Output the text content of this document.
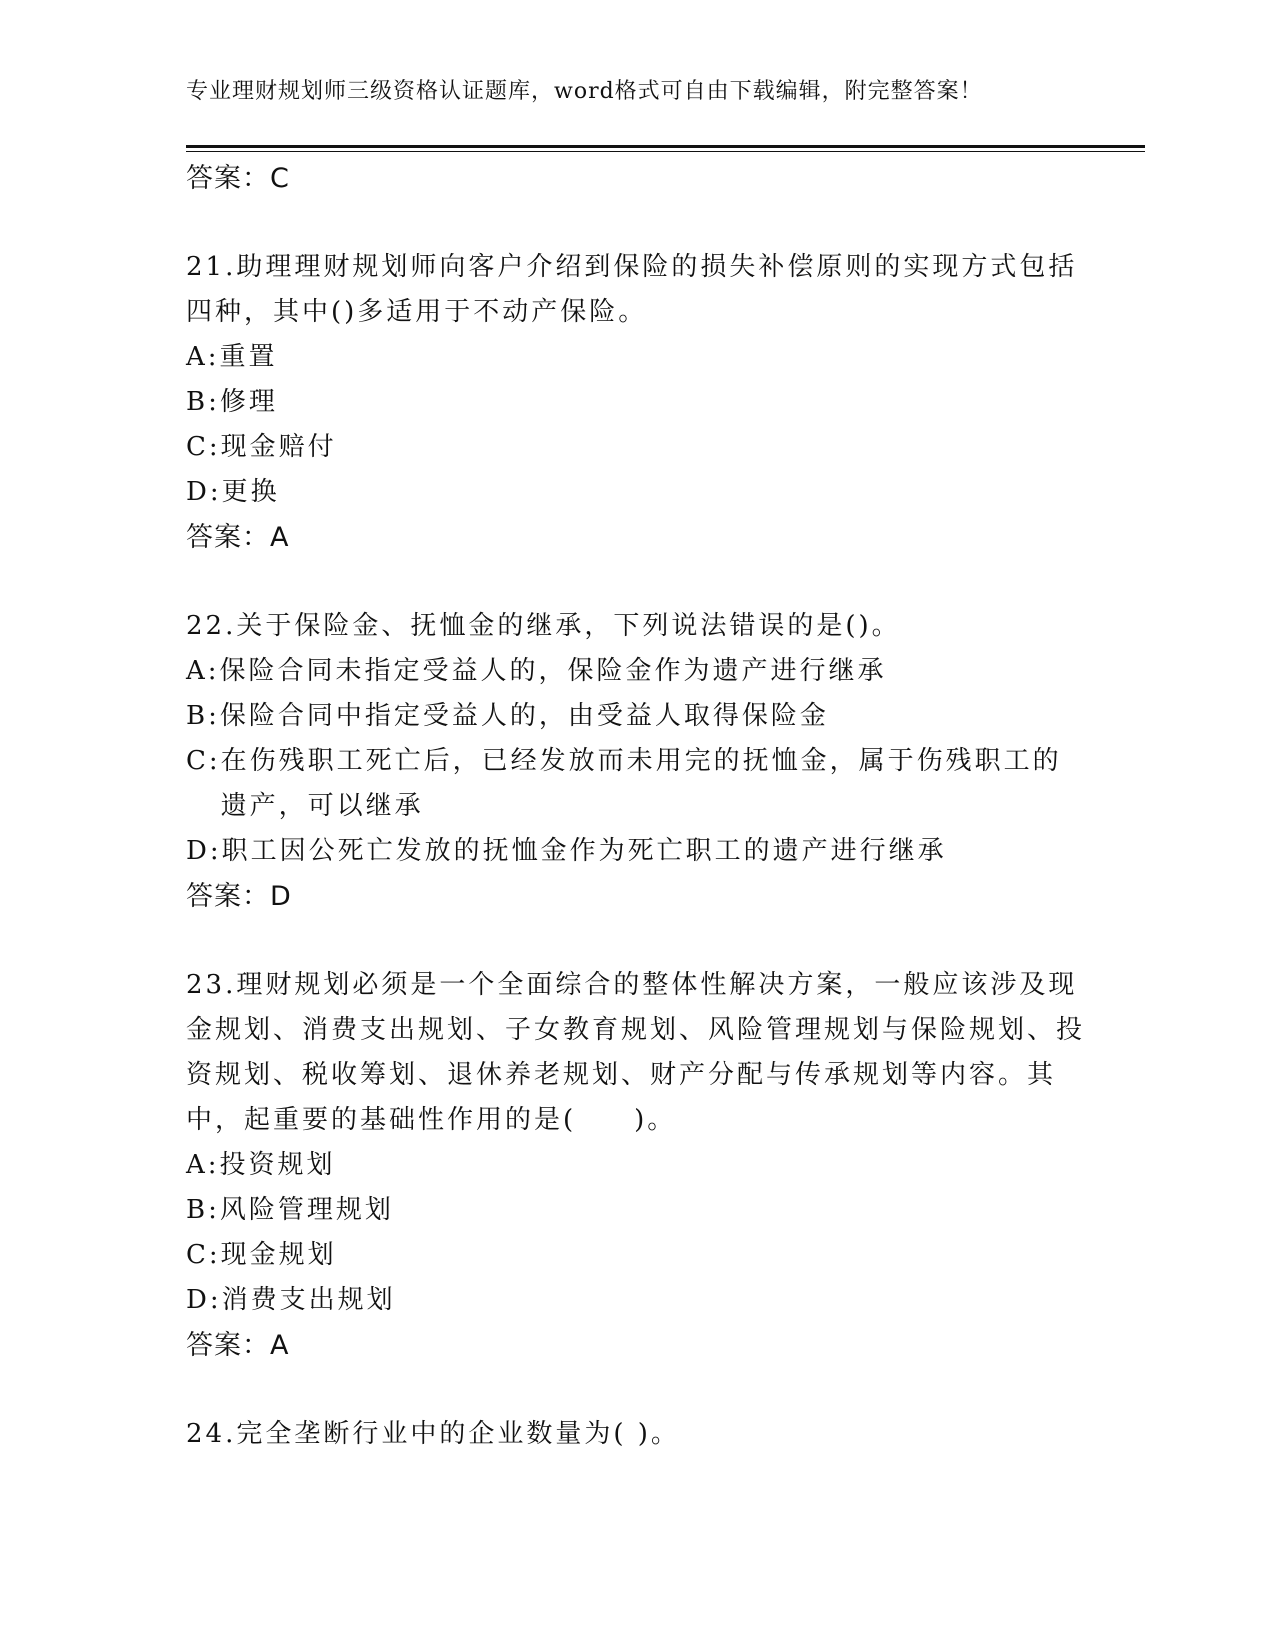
专业理财规划师三级资格认证题库，word格式可自由下载编辑，附完整答案！
答案：C
21.助理理财规划师向客户介绍到保险的损失补偿原则的实现方式包括四种，其中()多适用于不动产保险。
A: 重置
B: 修理
C: 现金赔付
D: 更换
答案：A
22.关于保险金、抚恤金的继承，下列说法错误的是()。
A: 保险合同未指定受益人的，保险金作为遗产进行继承
B: 保险合同中指定受益人的，由受益人取得保险金
C: 在伤残职工死亡后，已经发放而未用完的抚恤金，属于伤残职工的遗产，可以继承
D: 职工因公死亡发放的抚恤金作为死亡职工的遗产进行继承
答案：D
23.理财规划必须是一个全面综合的整体性解决方案，一般应该涉及现金规划、消费支出规划、子女教育规划、风险管理规划与保险规划、投资规划、税收筹划、退休养老规划、财产分配与传承规划等内容。其中，起重要的基础性作用的是(　　)。
A: 投资规划
B: 风险管理规划
C: 现金规划
D: 消费支出规划
答案：A
24.完全垄断行业中的企业数量为( )。
